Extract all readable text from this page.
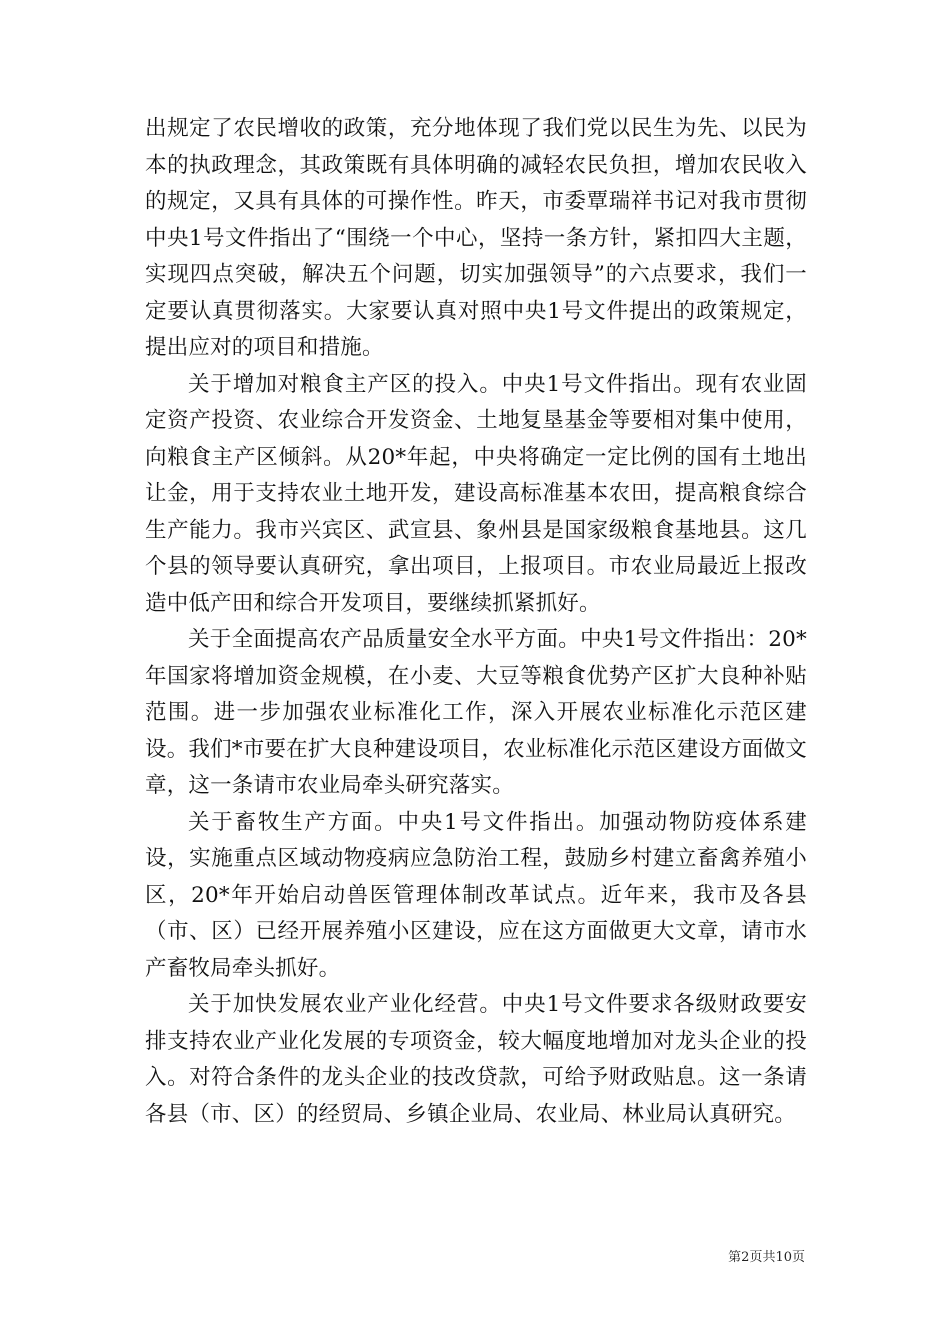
出规定了农民增收的政策，充分地体现了我们党以民生为先、以民为本的执政理念，其政策既有具体明确的减轻农民负担，增加农民收入的规定，又具有具体的可操作性。昨天，市委覃瑞祥书记对我市贯彻中央1号文件指出了“围绕一个中心，坚持一条方针，紧扣四大主题，实现四点突破，解决五个问题，切实加强领导”的六点要求，我们一定要认真贯彻落实。大家要认真对照中央1号文件提出的政策规定，提出应对的项目和措施。

关于增加对粮食主产区的投入。中央1号文件指出。现有农业固定资产投资、农业综合开发资金、土地复垦基金等要相对集中使用，向粮食主产区倾斜。从20*年起，中央将确定一定比例的国有土地出让金，用于支持农业土地开发，建设高标准基本农田，提高粮食综合生产能力。我市兴宾区、武宣县、象州县是国家级粮食基地县。这几个县的领导要认真研究，拿出项目，上报项目。市农业局最近上报改造中低产田和综合开发项目，要继续抓紧抓好。

关于全面提高农产品质量安全水平方面。中央1号文件指出：20*年国家将增加资金规模，在小麦、大豆等粮食优势产区扩大良种补贴范围。进一步加强农业标准化工作，深入开展农业标准化示范区建设。我们*市要在扩大良种建设项目，农业标准化示范区建设方面做文章，这一条请市农业局牵头研究落实。

关于畜牧生产方面。中央1号文件指出。加强动物防疫体系建设，实施重点区域动物疫病应急防治工程，鼓励乡村建立畜禽养殖小区，20*年开始启动兽医管理体制改革试点。近年来，我市及各县（市、区）已经开展养殖小区建设，应在这方面做更大文章，请市水产畜牧局牵头抓好。

关于加快发展农业产业化经营。中央1号文件要求各级财政要安排支持农业产业化发展的专项资金，较大幅度地增加对龙头企业的投入。对符合条件的龙头企业的技改贷款，可给予财政贴息。这一条请各县（市、区）的经贸局、乡镇企业局、农业局、林业局认真研究。

第2页共10页
